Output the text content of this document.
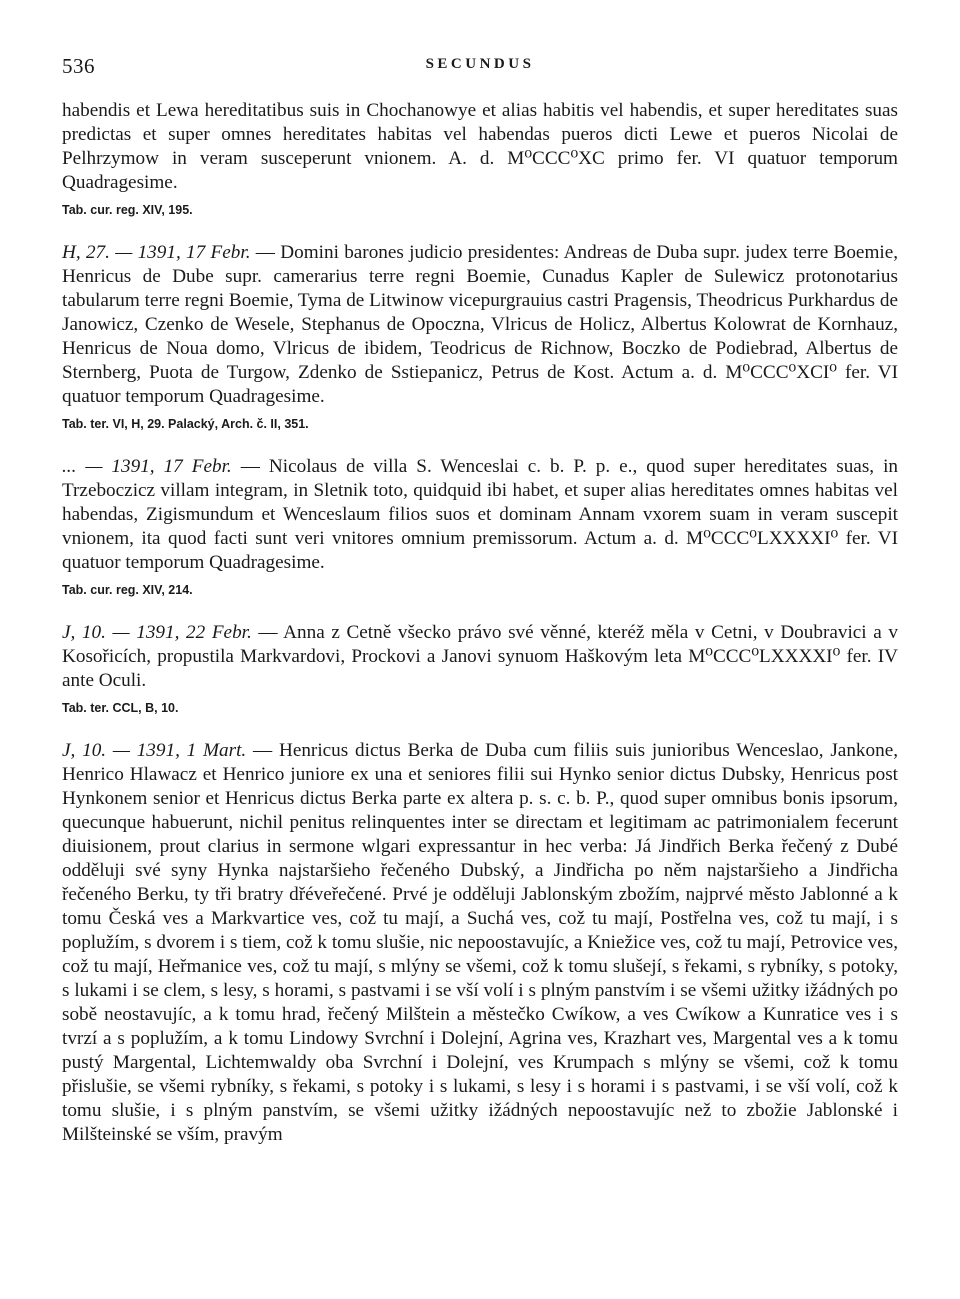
536	SECUNDUS

habendis et Lewa hereditatibus suis in Chochanowye et alias habitis vel habendis, et super hereditates suas predictas et super omnes hereditates habitas vel habendas pueros dicti Lewe et pueros Nicolai de Pelhrzymow in veram susceperunt vnionem. A. d. M⁰CCC⁰XC primo fer. VI quatuor temporum Quadragesime.

Tab. cur. reg. XIV, 195.

H, 27. — 1391, 17 Febr. — Domini barones judicio presidentes: Andreas de Duba supr. judex terre Boemie, Henricus de Dube supr. camerarius terre regni Boemie, Cunadus Kapler de Sulewicz protonotarius tabularum terre regni Boemie, Tyma de Litwinow vicepurgrauius castri Pragensis, Theodricus Purkhardus de Janowicz, Czenko de Wesele, Stephanus de Opoczna, Vlricus de Holicz, Albertus Kolowrat de Kornhauz, Henricus de Noua domo, Vlricus de ibidem, Teodricus de Richnow, Boczko de Podiebrad, Albertus de Sternberg, Puota de Turgow, Zdenko de Sstiepanicz, Petrus de Kost. Actum a. d. M⁰CCC⁰XCI⁰ fer. VI quatuor temporum Quadragesime.

Tab. ter. VI, H, 29. Palacký, Arch. č. II, 351.

... — 1391, 17 Febr. — Nicolaus de villa S. Wenceslai c. b. P. p. e., quod super hereditates suas, in Trzeboczicz villam integram, in Sletnik toto, quidquid ibi habet, et super alias hereditates omnes habitas vel habendas, Zigismundum et Wenceslaum filios suos et dominam Annam vxorem suam in veram suscepit vnionem, ita quod facti sunt veri vnitores omnium premissorum. Actum a. d. M⁰CCC⁰LXXXXI⁰ fer. VI quatuor temporum Quadragesime.

Tab. cur. reg. XIV, 214.

J, 10. — 1391, 22 Febr. — Anna z Cetně všecko právo své věnné, kteréž měla v Cetni, v Doubravici a v Kosořicích, propustila Markvardovi, Prockovi a Janovi synuom Haškovým leta M⁰CCC⁰LXXXXI⁰ fer. IV ante Oculi.

Tab. ter. CCL, B, 10.

J, 10. — 1391, 1 Mart. — Henricus dictus Berka de Duba cum filiis suis junioribus Wenceslao, Jankone, Henrico Hlawacz et Henrico juniore ex una et seniores filii sui Hynko senior dictus Dubsky, Henricus post Hynkonem senior et Henricus dictus Berka parte ex altera p. s. c. b. P., quod super omnibus bonis ipsorum, quecunque habuerunt, nichil penitus relinquentes inter se directam et legitimam ac patrimonialem fecerunt diuisionem, prout clarius in sermone wlgari expressantur in hec verba: Já Jindřich Berka řečený z Dubé odděluji své syny Hynka najstaršieho řečeného Dubský, a Jindřicha po něm najstaršieho a Jindřicha řečeného Berku, ty tři bratry dřéveřečené. Prvé je odděluji Jablonským zbožím, najprvé město Jablonné a k tomu Česká ves a Markvartice ves, což tu mají, a Suchá ves, což tu mají, Postřelna ves, což tu mají, i s poplužím, s dvorem i s tiem, což k tomu slušie, nic nepoostavujíc, a Kniežice ves, což tu mají, Petrovice ves, což tu mají, Heřmanice ves, což tu mají, s mlýny se všemi, což k tomu slušejí, s řekami, s rybníky, s potoky, s lukami i se clem, s lesy, s horami, s pastvami i se vší volí i s plným panstvím i se všemi užitky ižádných po sobě neostavujíc, a k tomu hrad, řečený Milštein a městečko Cwíkow, a ves Cwíkow a Kunratice ves i s tvrzí a s poplužím, a k tomu Lindowy Svrchní i Dolejní, Agrina ves, Krazhart ves, Margental ves a k tomu pustý Margental, Lichtemwaldy oba Svrchní i Dolejní, ves Krumpach s mlýny se všemi, což k tomu přislušie, se všemi rybníky, s řekami, s potoky i s lukami, s lesy i s horami i s pastvami, i se vší volí, což k tomu slušie, i s plným panstvím, se všemi užitky ižádných nepoostavujíc než to zbožie Jablonské i Milšteinské se vším, pravým
